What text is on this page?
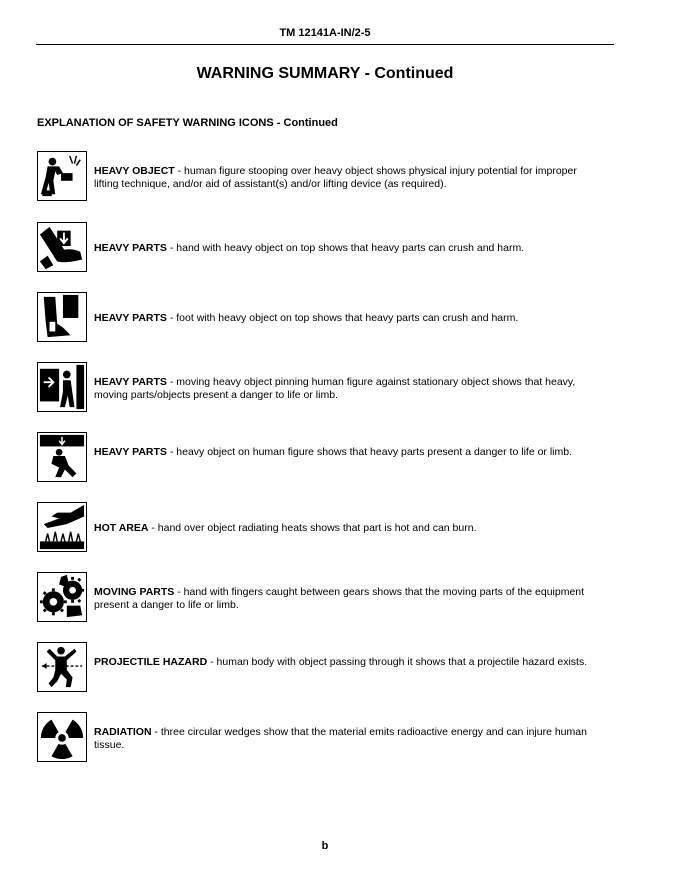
TM 12141A-IN/2-5
WARNING SUMMARY - Continued
EXPLANATION OF SAFETY WARNING ICONS - Continued
HEAVY OBJECT - human figure stooping over heavy object shows physical injury potential for improper lifting technique, and/or aid of assistant(s) and/or lifting device (as required).
HEAVY PARTS - hand with heavy object on top shows that heavy parts can crush and harm.
HEAVY PARTS - foot with heavy object on top shows that heavy parts can crush and harm.
HEAVY PARTS - moving heavy object pinning human figure against stationary object shows that heavy, moving parts/objects present a danger to life or limb.
HEAVY PARTS - heavy object on human figure shows that heavy parts present a danger to life or limb.
HOT AREA - hand over object radiating heats shows that part is hot and can burn.
MOVING PARTS - hand with fingers caught between gears shows that the moving parts of the equipment present a danger to life or limb.
PROJECTILE HAZARD - human body with object passing through it shows that a projectile hazard exists.
RADIATION - three circular wedges show that the material emits radioactive energy and can injure human tissue.
b
